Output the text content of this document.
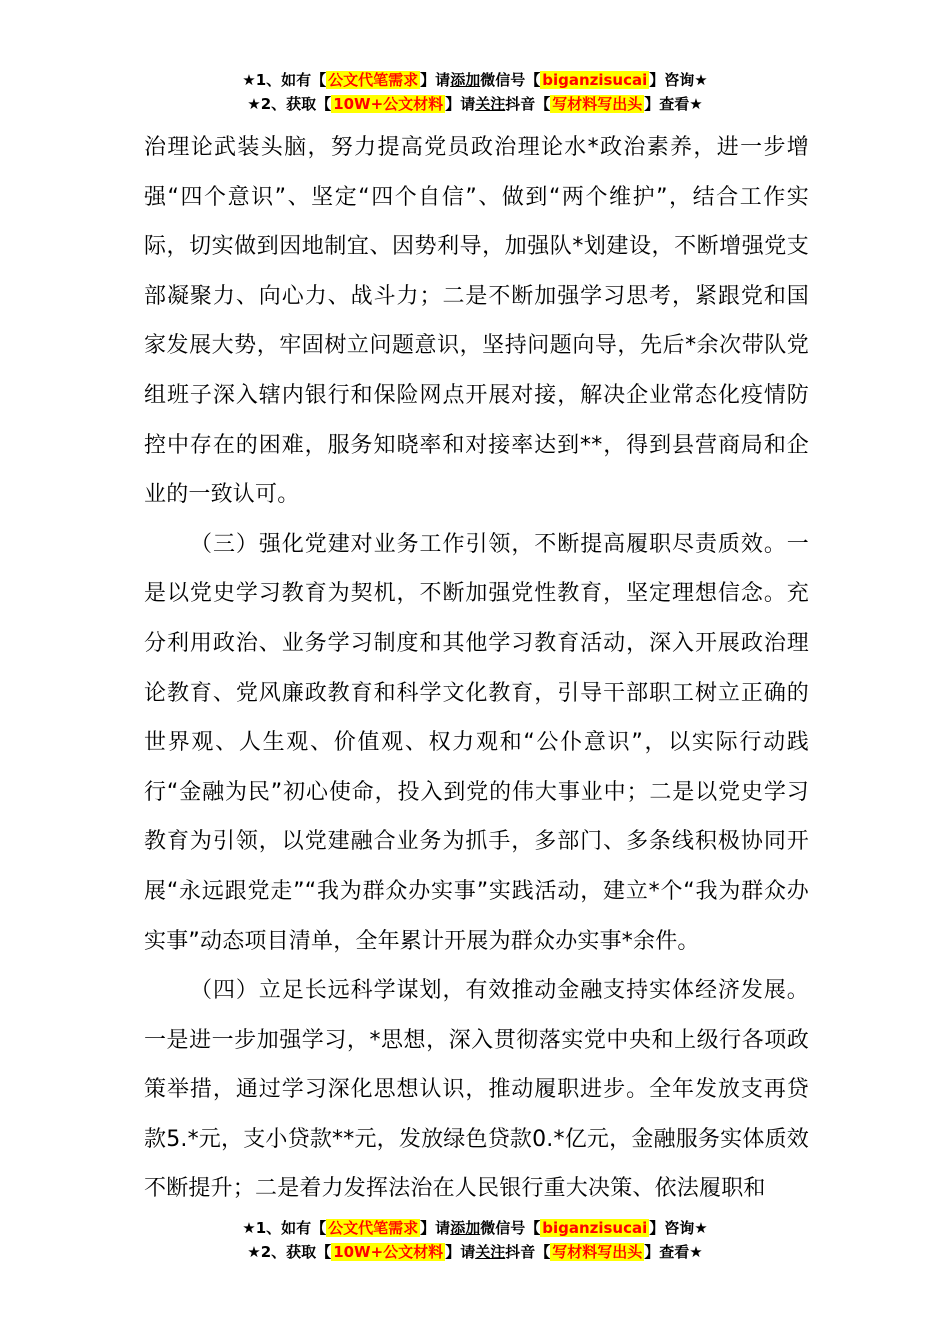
★1、如有【 公文代笔需求 】请添加微信号【 biganzisucai 】咨询★
★2、获取【 10W+公文材料 】请关注抖音【 写材料写出头 】查看★

治理论武装头脑，努力提高党员政治理论水*政治素养，进一步增强“四个意识”、坚定“四个自信”、做到“两个维护”，结合工作实际，切实做到因地制宜、因势利导，加强队*划建设，不断增强党支部凝聚力、向心力、战斗力；二是不断加强学习思考，紧跟党和国家发展大势，牢固树立问题意识，坚持问题向导，先后*余次带队党组班子深入辖内银行和保险网点开展对接，解决企业常态化疫情防控中存在的困难，服务知晓率和对接率达到**，得到县营商局和企业的一致认可。

（三）强化党建对业务工作引领，不断提高履职尽责质效。一是以党史学习教育为契机，不断加强党性教育，坚定理想信念。充分利用政治、业务学习制度和其他学习教育活动，深入开展政治理论教育、党风廉政教育和科学文化教育，引导干部职工树立正确的世界观、人生观、价值观、权力观和“公仆意识”，以实际行动践行“金融为民”初心使命，投入到党的伟大事业中；二是以党史学习教育为引领，以党建融合业务为抓手，多部门、多条线积极协同开展“永远跟党走”“我为群众办实事”实践活动，建立*个“我为群众办实事”动态项目清单，全年累计开展为群众办实事*余件。

（四）立足长远科学谋划，有效推动金融支持实体经济发展。一是进一步加强学习，*思想，深入贯彻落实党中央和上级行各项政策举措，通过学习深化思想认识，推动履职进步。全年发放支再贷款5.*元，支小贷款**元，发放绿色贷款0.*亿元，金融服务实体质效不断提升；二是着力发挥法治在人民银行重大决策、依法履职和

★1、如有【 公文代笔需求 】请添加微信号【 biganzisucai 】咨询★
★2、获取【 10W+公文材料 】请关注抖音【 写材料写出头 】查看★
